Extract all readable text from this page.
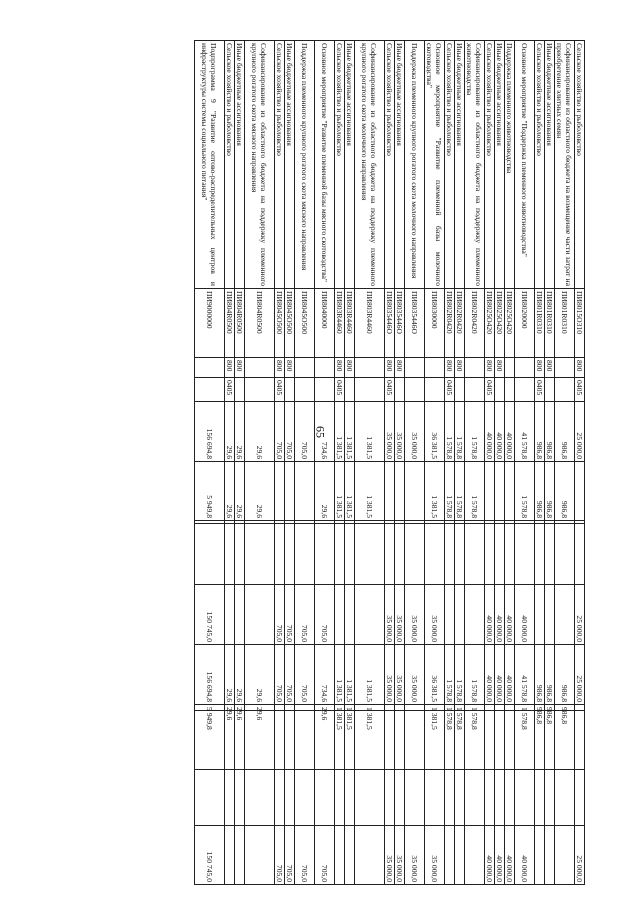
65
Сельское хозяйство и рыболовство	ПИ8015О310	800	0405	25 000,0				25 000,0	25 000,0				25 000,0
Софинансирование из областного бюджета на возмещение части затрат на приобретение элитных семян	ПИ801R0310			986,8	986,8				986,8	986,8			
Иные бюджетные ассигнования	ПИ801R0310	800		986,8	986,8				986,8	986,8			
Сельское хозяйство и рыболовство	ПИ801R0310	800	0405	986,8	986,8				986,8	986,8			
Основное мероприятие "Поддержка племенного животноводства"	ПИ8020000			41 578,8	1 578,8			40 000,0	41 578,8	1 578,8			40 000,0
Поддержка племенного животноводства	ПИ8025О420			40 000,0				40 000,0	40 000,0				40 000,0
Иные бюджетные ассигнования	ПИ8025О420	800		40 000,0				40 000,0	40 000,0				40 000,0
Сельское хозяйство и рыболовство	ПИ8025О420	800	0405	40 000,0				40 000,0	40 000,0				40 000,0
Софинансирование из областного бюджета на поддержку племенного животноводства	ПИ802R0420			1 578,8	1 578,8				1 578,8	1 578,8			
Иные бюджетные ассигнования	ПИ802R0420	800		1 578,8	1 578,8				1 578,8	1 578,8			
Сельское хозяйство и рыболовство	ПИ802R0420	800	0405	1 578,8	1 578,8				1 578,8	1 578,8			
Основное мероприятие "Развитие племенной базы молочного скотоводства"	ПИ8030000			36 381,5	1 381,5			35 000,0	36 381,5	1 381,5			35 000,0
Поддержка племенного крупного рогатого скота молочного направления	ПИ8035446О			35 000,0				35 000,0	35 000,0				35 000,0
Иные бюджетные ассигнования	ПИ8035446О	800		35 000,0				35 000,0	35 000,0				35 000,0
Сельское хозяйство и рыболовство	ПИ8035446О	800	0405	35 000,0				35 000,0	35 000,0				35 000,0
Софинансирование из областного бюджета на поддержку племенного крупного рогатого скота молочного направления	ПИ803R4460			1 381,5	1 381,5				1 381,5	1 381,5			
Иные бюджетные ассигнования	ПИ803R4460	800		1 381,5	1 381,5				1 381,5	1 381,5			
Сельское хозяйство и рыболовство	ПИ803R4460	800	0405	1 381,5	1 381,5				1 381,5	1 381,5			
Основное мероприятие "Развитие племенной базы мясного скотоводства"	ПИ8040000			734,6	29,6			705,0	734,6	29,6			705,0
Поддержка племенного крупного рогатого скота мясного направления	ПИ8045О500			705,0				705,0	705,0				705,0
Иные бюджетные ассигнования	ПИ8045О500	800		705,0				705,0	705,0				705,0
Сельское хозяйство и рыболовство	ПИ8045О500	800	0405	705,0				705,0	705,0				705,0
Софинансирование из областного бюджета на поддержку племенного крупного рогатого скота мясного направления	ПИ804R0500			29,6	29,6				29,6	29,6			
Иные бюджетные ассигнования	ПИ804R0500	800		29,6	29,6				29,6	29,6			
Сельское хозяйство и рыболовство	ПИ804R0500	800	0405	29,6	29,6				29,6	29,6			
Подпрограмма 9 "Развитие оптово-распределительных центров и инфраструктуры системы социального питания"	ПИ9000000			156 694,8	5 949,8			150 745,0	156 694,8	5 949,8			150 745,0
